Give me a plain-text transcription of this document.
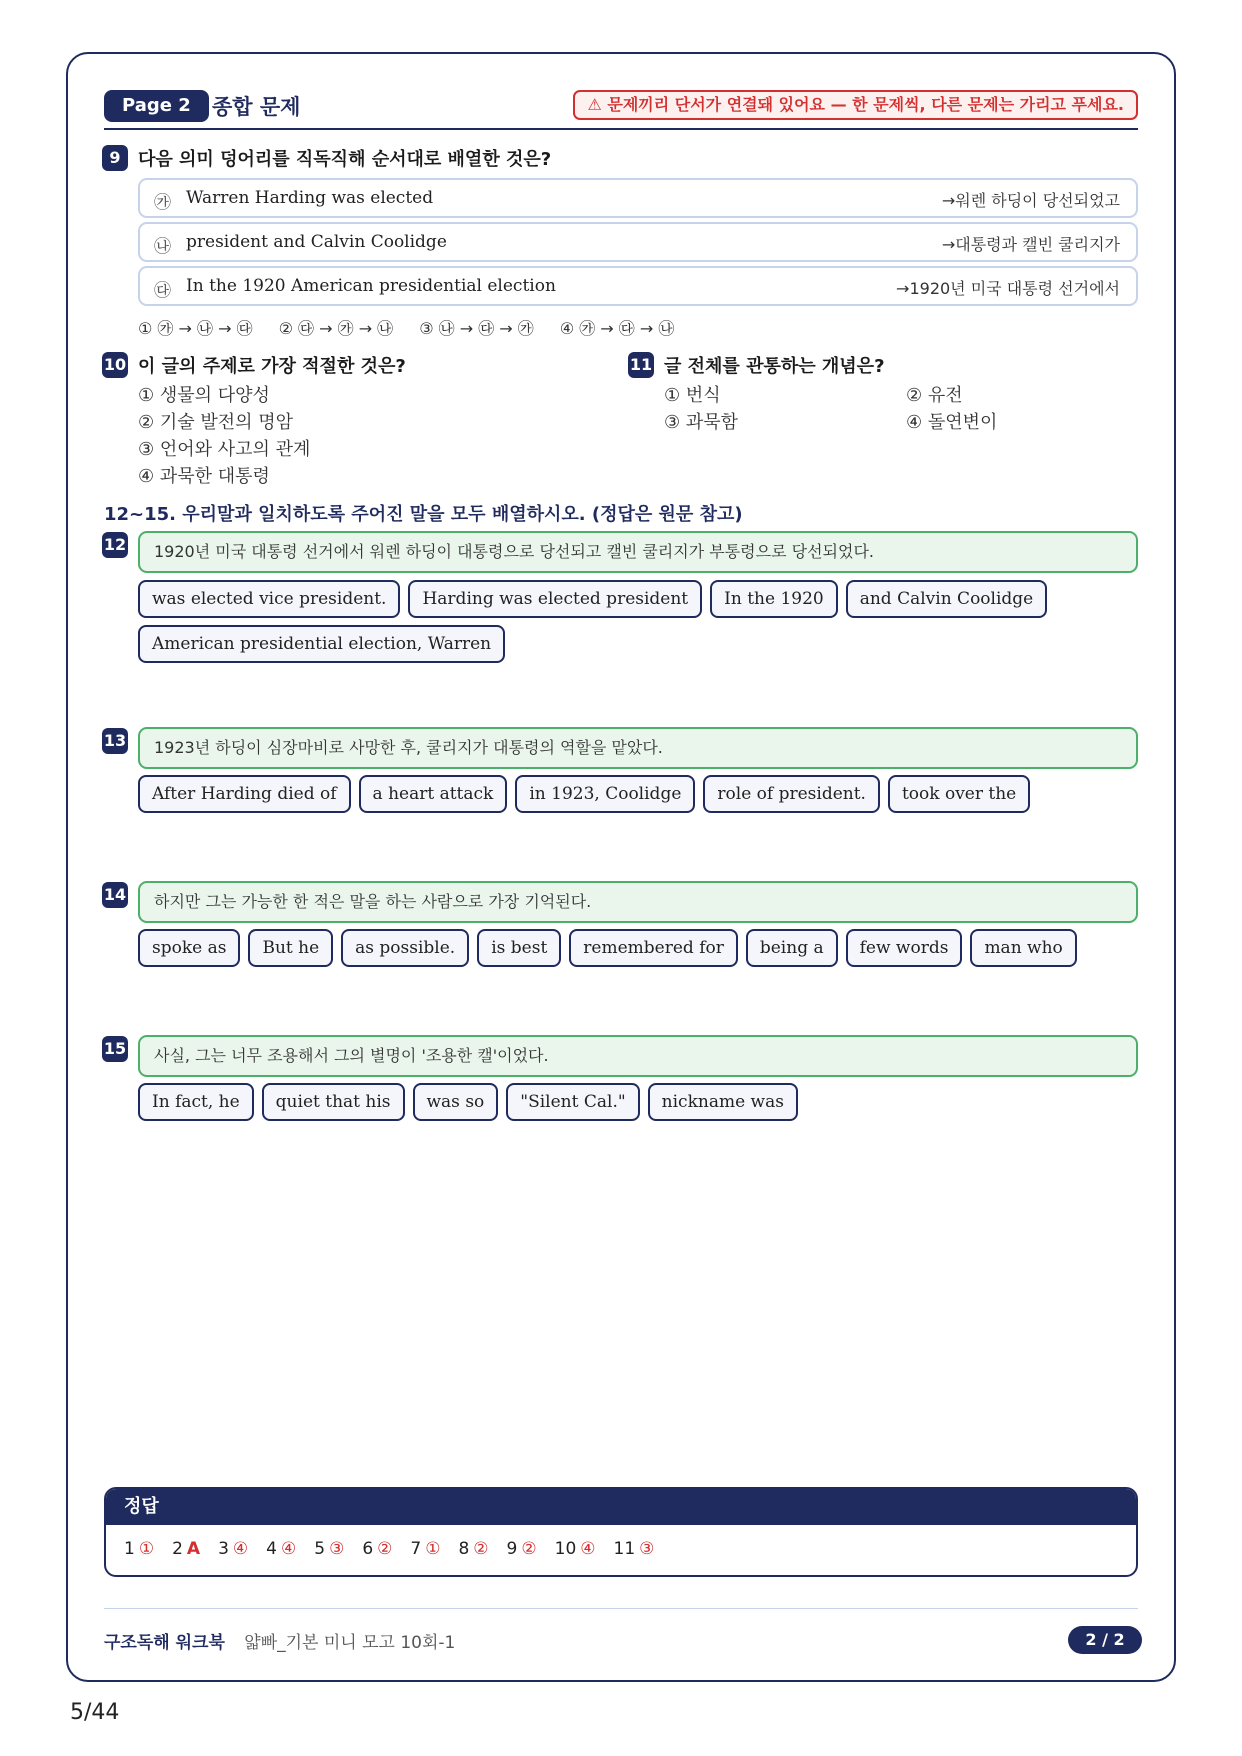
Page 2	종합 문제	⚠ 문제끼리 단서가 연결돼 있어요 — 한 문제씩, 다른 문제는 가리고 푸세요.
9 다음 의미 덩어리를 직독직해 순서대로 배열한 것은?
㉮ Warren Harding was elected	→워렌 하딩이 당선되었고
㉯ president and Calvin Coolidge	→대통령과 캘빈 쿨리지가
㉰ In the 1920 American presidential election	→1920년 미국 대통령 선거에서
① ㉮ → ㉯ → ㉰ ② ㉰ → ㉮ → ㉯ ③ ㉯ → ㉰ → ㉮ ④ ㉮ → ㉰ → ㉯
10 이 글의 주제로 가장 적절한 것은?
① 생물의 다양성
② 기술 발전의 명암
③ 언어와 사고의 관계
④ 과묵한 대통령
11 글 전체를 관통하는 개념은?
① 번식
③ 과묵함
② 유전
④ 돌연변이
12~15. 우리말과 일치하도록 주어진 말을 모두 배열하시오. (정답은 원문 참고)
12	1920년 미국 대통령 선거에서 워렌 하딩이 대통령으로 당선되고 캘빈 쿨리지가 부통령으로 당선되었다.
was elected vice president.	Harding was elected president	In the 1920	and Calvin Coolidge
American presidential election, Warren
13	1923년 하딩이 심장마비로 사망한 후, 쿨리지가 대통령의 역할을 맡았다.
After Harding died of	a heart attack	in 1923, Coolidge	role of president.	took over the
14	하지만 그는 가능한 한 적은 말을 하는 사람으로 가장 기억된다.
spoke as	But he	as possible.	is best	remembered for	being a	few words	man who
15	사실, 그는 너무 조용해서 그의 별명이 '조용한 캘'이었다.
In fact, he	quiet that his	was so	"Silent Cal."	nickname was
정답
1 ① 2 A 3 ④ 4 ④ 5 ③ 6 ② 7 ① 8 ② 9 ② 10 ④ 11 ③
구조독해 워크북 얇빠_기본 미니 모고 10회-1	2 / 2
5/44
